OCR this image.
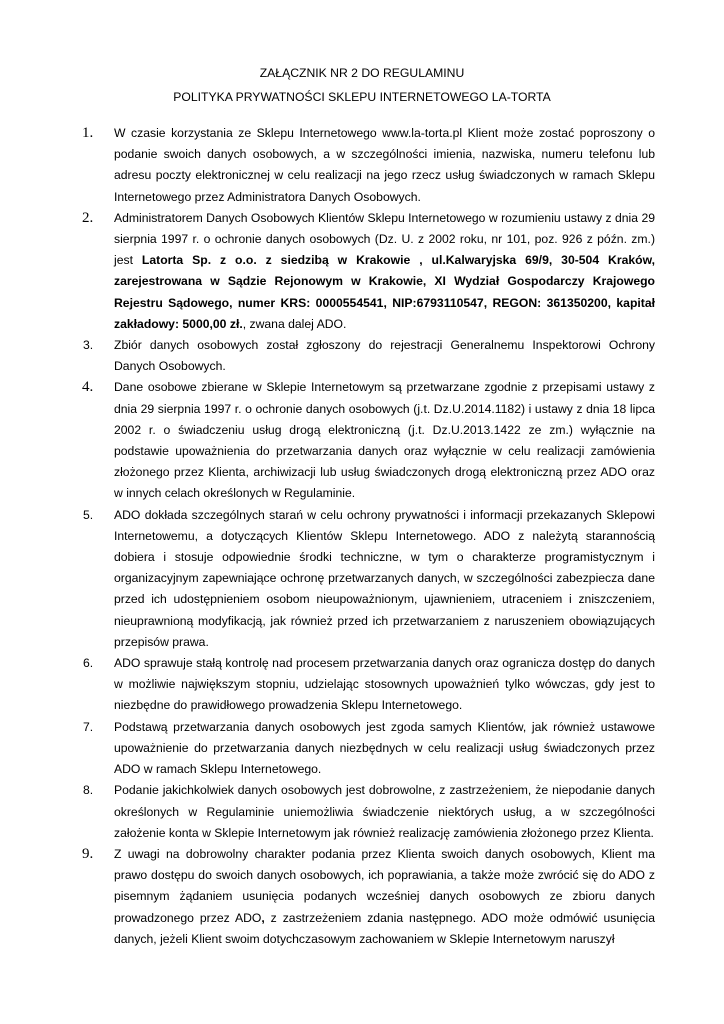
ZAŁĄCZNIK NR 2 DO REGULAMINU
POLITYKA PRYWATNOŚCI SKLEPU INTERNETOWEGO LA-TORTA
1. W czasie korzystania ze Sklepu Internetowego www.la-torta.pl Klient może zostać poproszony o podanie swoich danych osobowych, a w szczególności imienia, nazwiska, numeru telefonu lub adresu poczty elektronicznej w celu realizacji na jego rzecz usług świadczonych w ramach Sklepu Internetowego przez Administratora Danych Osobowych.
2. Administratorem Danych Osobowych Klientów Sklepu Internetowego w rozumieniu ustawy z dnia 29 sierpnia 1997 r. o ochronie danych osobowych (Dz. U. z 2002 roku, nr 101, poz. 926 z późn. zm.) jest Latorta Sp. z o.o. z siedzibą w Krakowie , ul.Kalwaryjska 69/9, 30-504 Kraków, zarejestrowana w Sądzie Rejonowym w Krakowie, XI Wydział Gospodarczy Krajowego Rejestru Sądowego, numer KRS: 0000554541, NIP:6793110547, REGON: 361350200, kapitał zakładowy: 5000,00 zł., zwana dalej ADO.
3. Zbiór danych osobowych został zgłoszony do rejestracji Generalnemu Inspektorowi Ochrony Danych Osobowych.
4. Dane osobowe zbierane w Sklepie Internetowym są przetwarzane zgodnie z przepisami ustawy z dnia 29 sierpnia 1997 r. o ochronie danych osobowych (j.t. Dz.U.2014.1182) i ustawy z dnia 18 lipca 2002 r. o świadczeniu usług drogą elektroniczną (j.t. Dz.U.2013.1422 ze zm.) wyłącznie na podstawie upoważnienia do przetwarzania danych oraz wyłącznie w celu realizacji zamówienia złożonego przez Klienta, archiwizacji lub usług świadczonych drogą elektroniczną przez ADO oraz w innych celach określonych w Regulaminie.
5. ADO dokłada szczególnych starań w celu ochrony prywatności i informacji przekazanych Sklepowi Internetowemu, a dotyczących Klientów Sklepu Internetowego. ADO z należytą starannością dobiera i stosuje odpowiednie środki techniczne, w tym o charakterze programistycznym i organizacyjnym zapewniające ochronę przetwarzanych danych, w szczególności zabezpiecza dane przed ich udostępnieniem osobom nieupoważnionym, ujawnieniem, utraceniem i zniszczeniem, nieuprawnioną modyfikacją, jak również przed ich przetwarzaniem z naruszeniem obowiązujących przepisów prawa.
6. ADO sprawuje stałą kontrolę nad procesem przetwarzania danych oraz ogranicza dostęp do danych w możliwie największym stopniu, udzielając stosownych upoważnień tylko wówczas, gdy jest to niezbędne do prawidłowego prowadzenia Sklepu Internetowego.
7. Podstawą przetwarzania danych osobowych jest zgoda samych Klientów, jak również ustawowe upoważnienie do przetwarzania danych niezbędnych w celu realizacji usług świadczonych przez ADO w ramach Sklepu Internetowego.
8. Podanie jakichkolwiek danych osobowych jest dobrowolne, z zastrzeżeniem, że niepodanie danych określonych w Regulaminie uniemożliwia świadczenie niektórych usług, a w szczególności założenie konta w Sklepie Internetowym jak również realizację zamówienia złożonego przez Klienta.
9. Z uwagi na dobrowolny charakter podania przez Klienta swoich danych osobowych, Klient ma prawo dostępu do swoich danych osobowych, ich poprawiania, a także może zwrócić się do ADO z pisemnym żądaniem usunięcia podanych wcześniej danych osobowych ze zbioru danych prowadzonego przez ADO, z zastrzeżeniem zdania następnego. ADO może odmówić usunięcia danych, jeżeli Klient swoim dotychczasowym zachowaniem w Sklepie Internetowym naruszył
